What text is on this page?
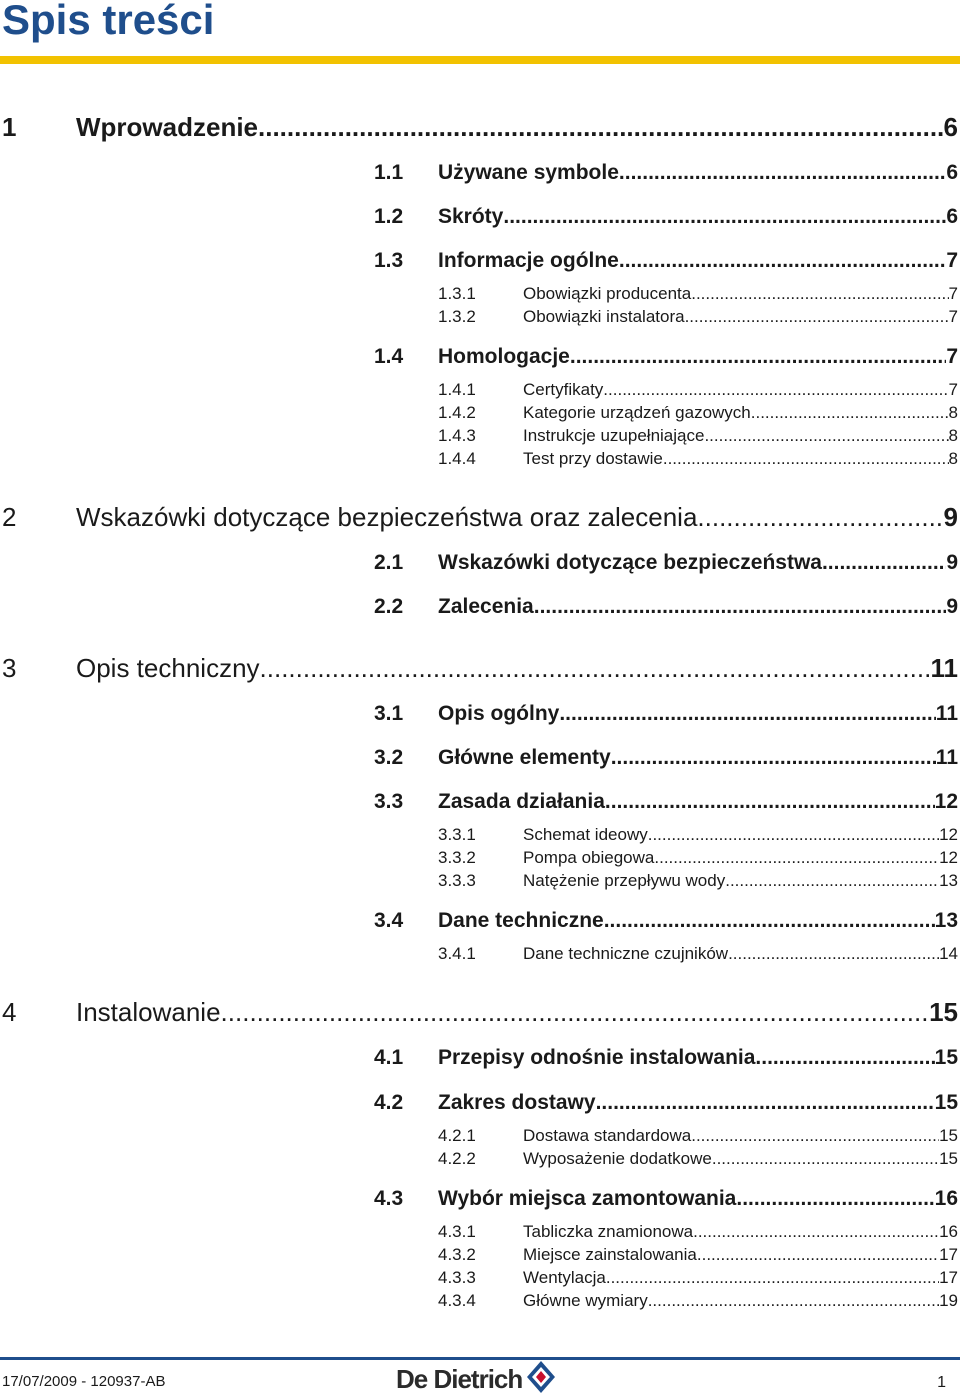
Spis treści
1	Wprowadzenie .....	6
1.1	Używane symbole .....	6
1.2	Skróty .....	6
1.3	Informacje ogólne .....	7
1.3.1	Obowiązki producenta .....	7
1.3.2	Obowiązki instalatora .....	7
1.4	Homologacje .....	7
1.4.1	Certyfikaty .....	7
1.4.2	Kategorie urządzeń gazowych .....	8
1.4.3	Instrukcje uzupełniające .....	8
1.4.4	Test przy dostawie .....	8
2	Wskazówki dotyczące bezpieczeństwa oraz zalecenia .....	9
2.1	Wskazówki dotyczące bezpieczeństwa .....	9
2.2	Zalecenia .....	9
3	Opis techniczny .....	11
3.1	Opis ogólny .....	11
3.2	Główne elementy .....	11
3.3	Zasada działania .....	12
3.3.1	Schemat ideowy .....	12
3.3.2	Pompa obiegowa .....	12
3.3.3	Natężenie przepływu wody .....	13
3.4	Dane techniczne .....	13
3.4.1	Dane techniczne czujników .....	14
4	Instalowanie .....	15
4.1	Przepisy odnośnie instalowania .....	15
4.2	Zakres dostawy .....	15
4.2.1	Dostawa standardowa .....	15
4.2.2	Wyposażenie dodatkowe .....	15
4.3	Wybór miejsca zamontowania .....	16
4.3.1	Tabliczka znamionowa .....	16
4.3.2	Miejsce zainstalowania .....	17
4.3.3	Wentylacja .....	17
4.3.4	Główne wymiary .....	19
17/07/2009 - 120937-AB	De Dietrich	1
